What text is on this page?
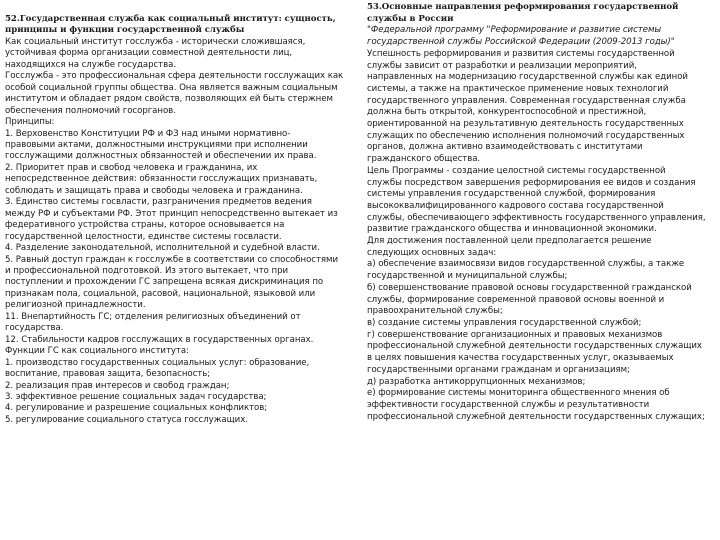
52.Государственная служба как социальный институт: сущность,
принципы и функции государственной службы
Как социальный институт госслужба - исторически сложившаяся,
устойчивая форма организации совместной деятельности лиц,
находящихся на службе государства.
Госслужба - это профессиональная сфера деятельности госслужащих как
особой социальной группы общества. Она является важным социальным
институтом и обладает рядом свойств, позволяющих ей быть стержнем
обеспечения полномочий госорганов.
Принципы:
1. Верховенство Конституции РФ и ФЗ над иными нормативно-
правовыми актами, должностными инструкциями при исполнении
госслужащими должностных обязанностей и обеспечении их права.
2. Приоритет прав и свобод человека и гражданина, их
непосредственное действия: обязанности госслужащих признавать,
соблюдать и защищать права и свободы человека и гражданина.
3. Единство системы госвласти, разграничения предметов ведения
между РФ и субъектами РФ. Этот принцип непосредственно вытекает из
федеративного устройства страны, которое основывается на
государственной целостности, единстве системы госвласти.
4. Разделение законодательной, исполнительной и судебной власти.
5. Равный доступ граждан к госслужбе в соответствии со способностями
и профессиональной подготовкой. Из этого вытекает, что при
поступлении и прохождении ГС запрещена всякая дискриминация по
признакам пола, социальной, расовой, национальной, языковой или
религиозной принадлежности.
11. Внепартийность ГС; отделения религиозных объединений от
государства.
12. Стабильности кадров госслужащих в государственных органах.
Функции ГС как социального института:
1. производство государственных социальных услуг: образование,
воспитание, правовая защита, безопасность;
2. реализация прав интересов и свобод граждан;
3. эффективное решение социальных задач государства;
4. регулирование и разрешение социальных конфликтов;
5. регулирование социального статуса госслужащих.
53.Основные направления реформирования государственной
службы в России
"Федеральной программу "Реформирование и развитие системы
государственной службы Российской Федерации (2009-2013 годы)"
Успешность реформирования и развития системы государственной
службы зависит от разработки и реализации мероприятий,
направленных на модернизацию государственной службы как единой
системы, а также на практическое применение новых технологий
государственного управления. Современная государственная служба
должна быть открытой, конкурентоспособной и престижной,
ориентированной на результативную деятельность государственных
служащих по обеспечению исполнения полномочий государственных
органов, должна активно взаимодействовать с институтами
гражданского общества.
Цель Программы - создание целостной системы государственной
службы посредством завершения реформирования ее видов и создания
системы управления государственной службой, формирования
высококвалифицированного кадрового состава государственной
службы, обеспечивающего эффективность государственного управления,
развитие гражданского общества и инновационной экономики.
Для достижения поставленной цели предполагается решение
следующих основных задач:
а) обеспечение взаимосвязи видов государственной службы, а также
государственной и муниципальной службы;
б) совершенствование правовой основы государственной гражданской
службы, формирование современной правовой основы военной и
правоохранительной службы;
в) создание системы управления государственной службой;
г) совершенствование организационных и правовых механизмов
профессиональной служебной деятельности государственных служащих
в целях повышения качества государственных услуг, оказываемых
государственными органами гражданам и организациям;
д) разработка антикоррупционных механизмов;
е) формирование системы мониторинга общественного мнения об
эффективности государственной службы и результативности
профессиональной служебной деятельности государственных служащих;
